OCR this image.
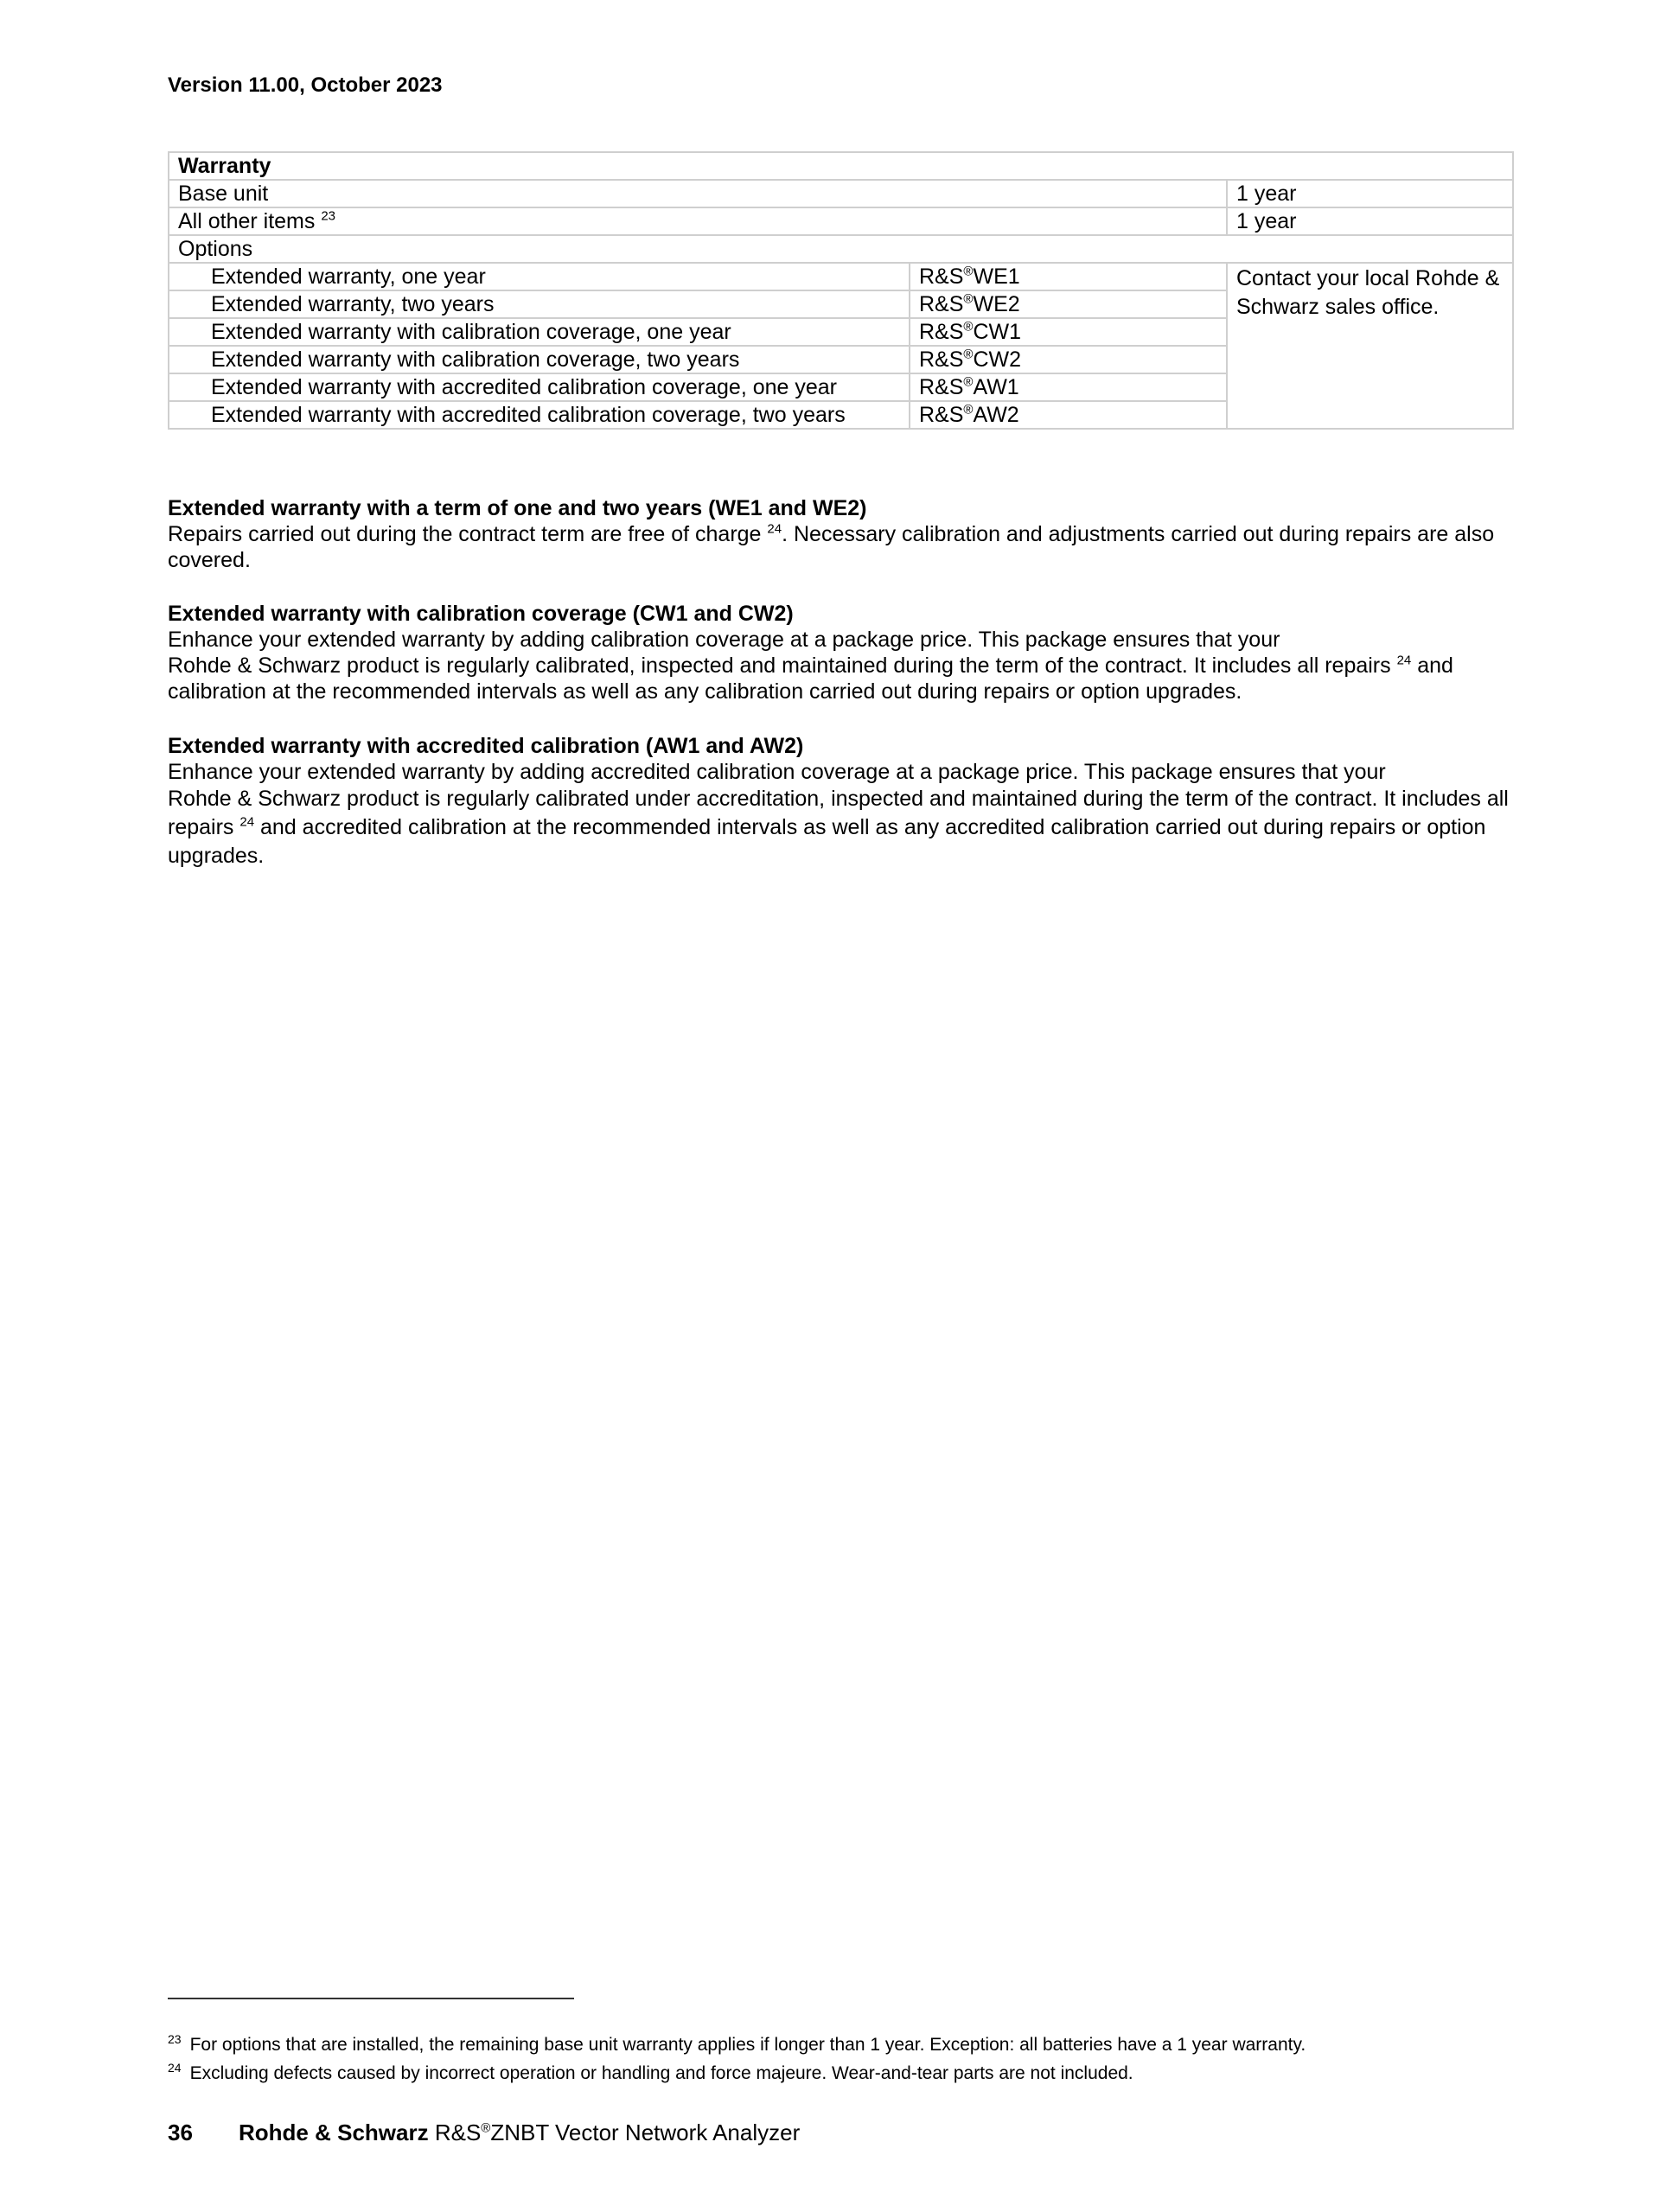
Version 11.00, October 2023
Warranty		
Base unit		1 year
All other items $^{23}$		1 year
Options		
Extended warranty, one year	R&S®WE1	Contact your local Rohde & Schwarz sales office.
Extended warranty, two years	R&S®WE2	
Extended warranty with calibration coverage, one year	R&S®CW1	
Extended warranty with calibration coverage, two years	R&S®CW2	
Extended warranty with accredited calibration coverage, one year	R&S®AW1	
Extended warranty with accredited calibration coverage, two years	R&S®AW2	
Extended warranty with a term of one and two years (WE1 and WE2)

Repairs carried out during the contract term are free of charge $^{24}$. Necessary calibration and adjustments carried out during repairs are also covered.

Extended warranty with calibration coverage (CW1 and CW2)

Enhance your extended warranty by adding calibration coverage at a package price. This package ensures that your

Rohde & Schwarz product is regularly calibrated, inspected and maintained during the term of the contract. It includes all repairs $^{24}$ and calibration at the recommended intervals as well as any calibration carried out during repairs or option upgrades.

Extended warranty with accredited calibration (AW1 and AW2)

Enhance your extended warranty by adding accredited calibration coverage at a package price. This package ensures that your

Rohde & Schwarz product is regularly calibrated under accreditation, inspected and maintained during the term of the contract. It includes all repairs $^{24}$ and accredited calibration at the recommended intervals as well as any accredited calibration carried out during repairs or option upgrades.

$^{23}$ For options that are installed, the remaining base unit warranty applies if longer than 1 year. Exception: all batteries have a 1 year warranty.
$^{24}$ Excluding defects caused by incorrect operation or handling and force majeure. Wear-and-tear parts are not included.
36 Rohde & Schwarz R&S®ZNBT Vector Network Analyzer
